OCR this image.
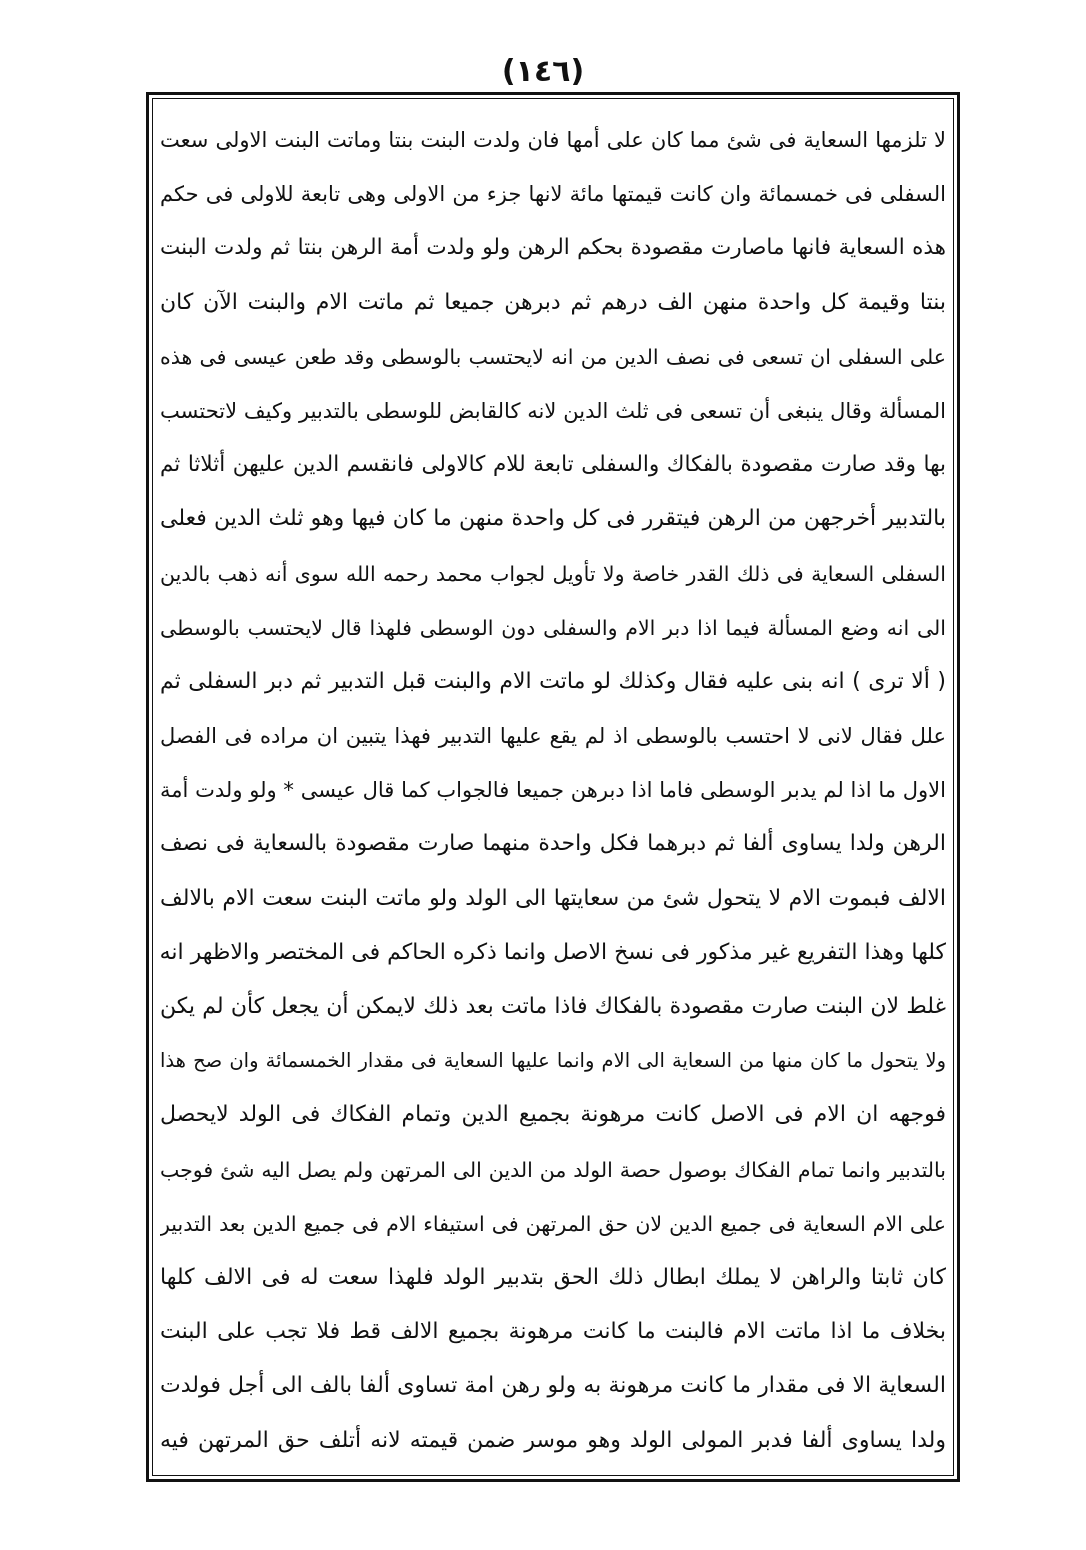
(١٤٦)
لا تلزمها السعاية فى شئ مما كان على أمها فان ولدت البنت بنتا وماتت البنت الاولى سعت
السفلى فى خمسمائة وان كانت قيمتها مائة لانها جزء من الاولى وهى تابعة للاولى فى حكم
هذه السعاية فانها ماصارت مقصودة بحكم الرهن ولو ولدت أمة الرهن بنتا ثم ولدت البنت
بنتا وقيمة كل واحدة منهن الف درهم ثم دبرهن جميعا ثم ماتت الام والبنت الآن كان
على السفلى ان تسعى فى نصف الدين من انه لايحتسب بالوسطى وقد طعن عيسى فى هذه
المسألة وقال ينبغى أن تسعى فى ثلث الدين لانه كالقابض للوسطى بالتدبير وكيف لاتحتسب
بها وقد صارت مقصودة بالفكاك والسفلى تابعة للام كالاولى فانقسم الدين عليهن أثلاثا ثم
بالتدبير أخرجهن من الرهن فيتقرر فى كل واحدة منهن ما كان فيها وهو ثلث الدين فعلى
السفلى السعاية فى ذلك القدر خاصة ولا تأويل لجواب محمد رحمه الله سوى أنه ذهب بالدين
الى انه وضع المسألة فيما اذا دبر الام والسفلى دون الوسطى فلهذا قال لايحتسب بالوسطى
( ألا ترى ) انه بنى عليه فقال وكذلك لو ماتت الام والبنت قبل التدبير ثم دبر السفلى ثم
علل فقال لانى لا احتسب بالوسطى اذ لم يقع عليها التدبير فهذا يتبين ان مراده فى الفصل
الاول ما اذا لم يدبر الوسطى فاما اذا دبرهن جميعا فالجواب كما قال عيسى * ولو ولدت أمة
الرهن ولدا يساوى ألفا ثم دبرهما فكل واحدة منهما صارت مقصودة بالسعاية فى نصف
الالف فبموت الام لا يتحول شئ من سعايتها الى الولد ولو ماتت البنت سعت الام بالالف
كلها وهذا التفريع غير مذكور فى نسخ الاصل وانما ذكره الحاكم فى المختصر والاظهر انه
غلط لان البنت صارت مقصودة بالفكاك فاذا ماتت بعد ذلك لايمكن أن يجعل كأن لم يكن
ولا يتحول ما كان منها من السعاية الى الام وانما عليها السعاية فى مقدار الخمسمائة وان صح هذا
فوجهه ان الام فى الاصل كانت مرهونة بجميع الدين وتمام الفكاك فى الولد لايحصل
بالتدبير وانما تمام الفكاك بوصول حصة الولد من الدين الى المرتهن ولم يصل اليه شئ فوجب
على الام السعاية فى جميع الدين لان حق المرتهن فى استيفاء الام فى جميع الدين بعد التدبير
كان ثابتا والراهن لا يملك ابطال ذلك الحق بتدبير الولد فلهذا سعت له فى الالف كلها
بخلاف ما اذا ماتت الام فالبنت ما كانت مرهونة بجميع الالف قط فلا تجب على البنت
السعاية الا فى مقدار ما كانت مرهونة به ولو رهن امة تساوى ألفا بالف الى أجل فولدت
ولدا يساوى ألفا فدبر المولى الولد وهو موسر ضمن قيمته لانه أتلف حق المرتهن فيه
